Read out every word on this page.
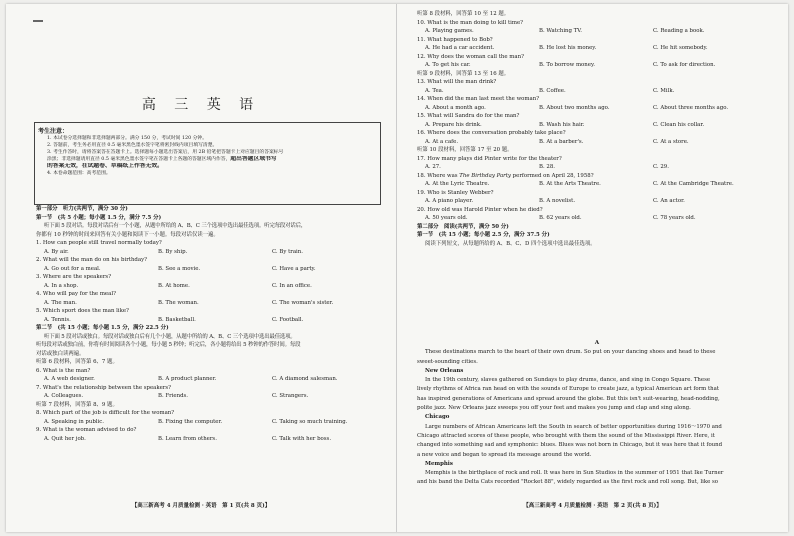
高 三 英 语
考生注意：
1. 本试卷分选择题和非选择题两部分。满分 150 分，考试时间 120 分钟。
2. 答题前，考生务必用直径 0.5 毫米黑色墨水签字笔将密封线内项目填写清楚。
3. 考生作答时，请将答案答在答题卡上。选择题每小题选出答案后，用 2B 铅笔把答题卡上对应题目的答案标号
涂黑；非选择题请用直径 0.5 毫米黑色墨水签字笔在答题卡上各题的答题区域内作答，超出答题区域书写
的答案无效，在试题卷、草稿纸上作答无效。
4. 本卷命题范围：高考范围。
第一部分　听力(共两节，满分 30 分)
第一节　(共 5 小题；每小题 1.5 分，满分 7.5 分)
听下面 5 段对话。每段对话后有一个小题，从题中所给的 A、B、C 三个选项中选出最佳选项。听完每段对话后，
你都有 10 秒钟的时间来回答有关小题和阅读下一小题。每段对话仅读一遍。
1. How can people still travel normally today?
A. By air.	B. By ship.	C. By train.
2. What will the man do on his birthday?
A. Go out for a meal.	B. See a movie.	C. Have a party.
3. Where are the speakers?
A. In a shop.	B. At home.	C. In an office.
4. Who will pay for the meal?
A. The man.	B. The woman.	C. The woman's sister.
5. Which sport does the man like?
A. Tennis.	B. Basketball.	C. Football.
第二节　(共 15 小题；每小题 1.5 分，满分 22.5 分)
听下面 5 段对话或独白。每段对话或独白后有几个小题，从题中所给的 A、B、C 三个选项中选出最佳选项。
听每段对话或独白前，你将有时间阅读各个小题，每小题 5 秒钟；听完后，各小题将给出 5 秒钟的作答时间。每段
对话或独白读两遍。
听第 6 段材料，回答第 6、7 题。
6. What is the man?
A. A web designer.	B. A product planner.	C. A diamond salesman.
7. What's the relationship between the speakers?
A. Colleagues.	B. Friends.	C. Strangers.
听第 7 段材料，回答第 8、9 题。
8. Which part of the job is difficult for the woman?
A. Speaking in public.	B. Fixing the computer.	C. Taking so much training.
9. What is the woman advised to do?
A. Quit her job.	B. Learn from others.	C. Talk with her boss.
【高三新高考 4 月质量检测 · 英语　第 1 页(共 8 页)】
听第 8 段材料，回答第 10 至 12 题。
10. What is the man doing to kill time?
A. Playing games.	B. Watching TV.	C. Reading a book.
11. What happened to Bob?
A. He had a car accident.	B. He lost his money.	C. He hit somebody.
12. Why does the woman call the man?
A. To get his car.	B. To borrow money.	C. To ask for direction.
听第 9 段材料，回答第 13 至 16 题。
13. What will the man drink?
A. Tea.	B. Coffee.	C. Milk.
14. When did the man last meet the woman?
A. About a month ago.	B. About two months ago.	C. About three months ago.
15. What will Sandra do for the man?
A. Prepare his drink.	B. Wash his hair.	C. Clean his collar.
16. Where does the conversation probably take place?
A. At a cafe.	B. At a barber's.	C. At a store.
听第 10 段材料，回答第 17 至 20 题。
17. How many plays did Pinter write for the theater?
A. 27.	B. 28.	C. 29.
18. Where was The Birthday Party performed on April 28, 1958?
A. At the Lyric Theatre.	B. At the Arts Theatre.	C. At the Cambridge Theatre.
19. Who is Stanley Webber?
A. A piano player.	B. A novelist.	C. An actor.
20. How old was Harold Pinter when he died?
A. 50 years old.	B. 62 years old.	C. 78 years old.
第二部分　阅读(共两节，满分 50 分)
第一节　(共 15 小题；每小题 2.5 分，满分 37.5 分)
阅读下列短文，从每题所给的 A、B、C、D 四个选项中选出最佳选项。
A
These destinations march to the heart of their own drum. So put on your dancing shoes and head to these
sweet-sounding cities.
New Orleans
In the 19th century, slaves gathered on Sundays to play drums, dance, and sing in Congo Square. These
lively rhythms of Africa ran head on with the sounds of Europe to create jazz, a typical American art form that
has inspired generations of Americans and spread around the globe. But this isn't suit-wearing, head-nodding,
polite jazz. New Orleans jazz sweeps you off your feet and makes you jump and clap and sing along.
Chicago
Large numbers of African Americans left the South in search of better opportunities during 1916～1970 and
Chicago attracted scores of these people, who brought with them the sound of the Mississippi River. Here, it
changed into something sad and symphonic: blues. Blues was not born in Chicago, but it was here that it found
a new voice and began to spread its message around the world.
Memphis
Memphis is the birthplace of rock and roll. It was here in Sun Studios in the summer of 1951 that Ike Turner
and his band the Delta Cats recorded "Rocket 88", widely regarded as the first rock and roll song. But, like so
【高三新高考 4 月质量检测 · 英语　第 2 页(共 8 页)】
